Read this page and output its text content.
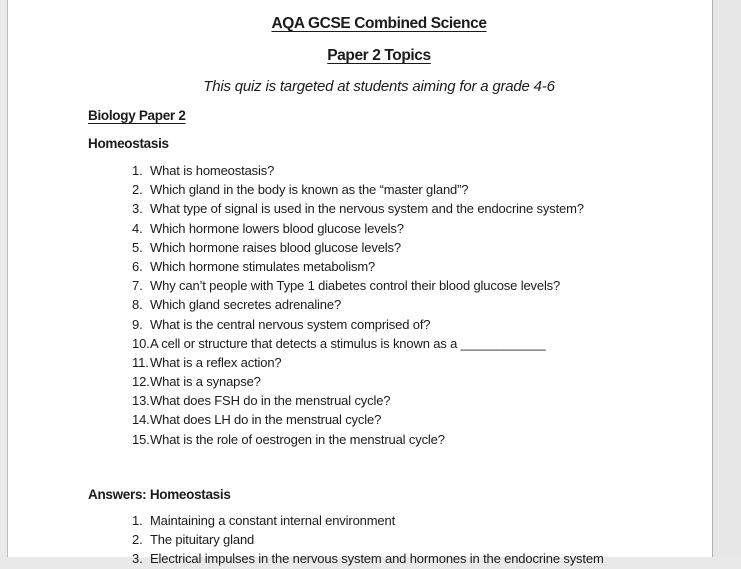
AQA GCSE Combined Science
Paper 2 Topics
This quiz is targeted at students aiming for a grade 4-6
Biology Paper 2
Homeostasis
What is homeostasis?
Which gland in the body is known as the “master gland”?
What type of signal is used in the nervous system and the endocrine system?
Which hormone lowers blood glucose levels?
Which hormone raises blood glucose levels?
Which hormone stimulates metabolism?
Why can’t people with Type 1 diabetes control their blood glucose levels?
Which gland secretes adrenaline?
What is the central nervous system comprised of?
A cell or structure that detects a stimulus is known as a ____________
What is a reflex action?
What is a synapse?
What does FSH do in the menstrual cycle?
What does LH do in the menstrual cycle?
What is the role of oestrogen in the menstrual cycle?
Answers: Homeostasis
Maintaining a constant internal environment
The pituitary gland
Electrical impulses in the nervous system and hormones in the endocrine system
